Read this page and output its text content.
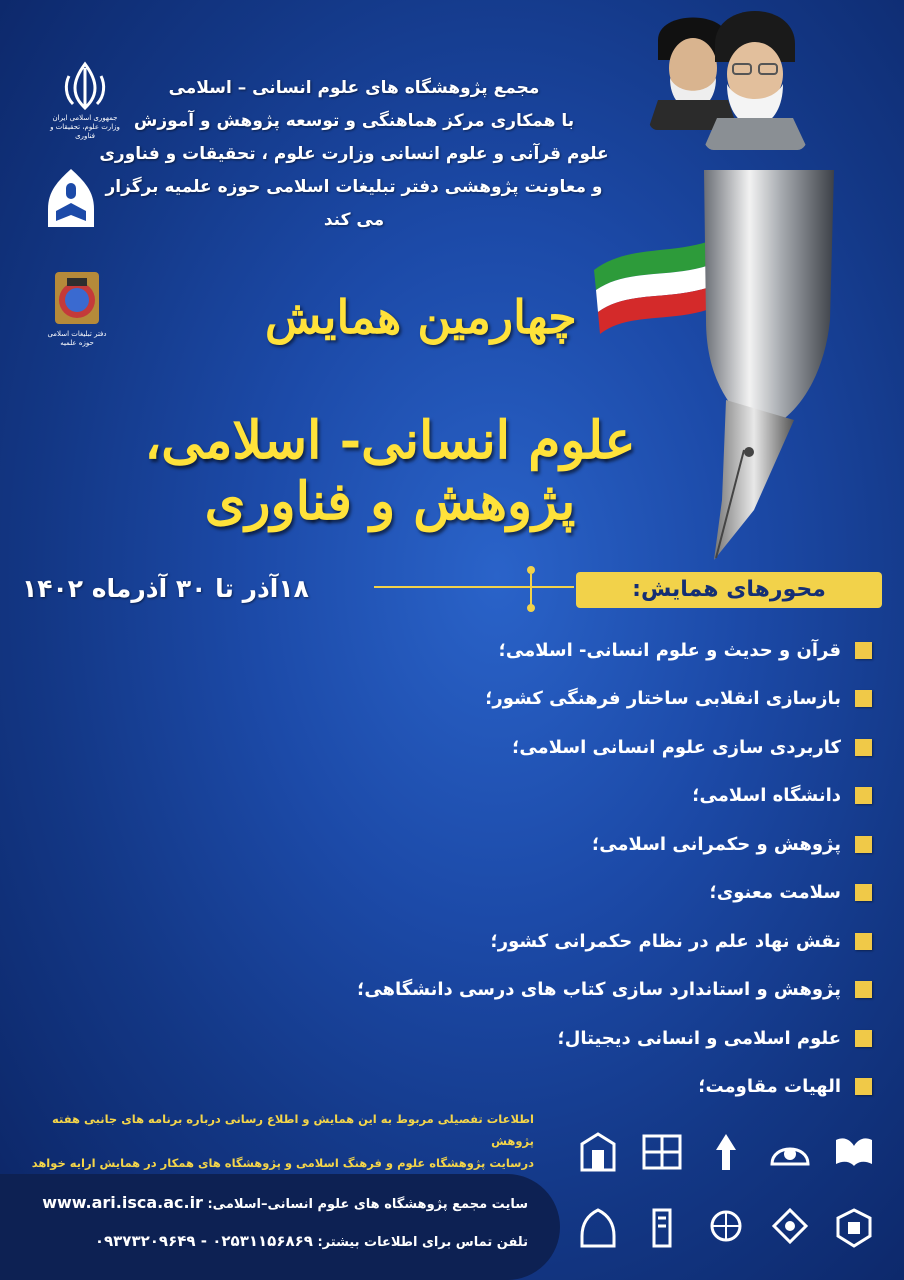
جمهوری اسلامی ایران
وزارت علوم، تحقیقات و فناوری
دفتر تبلیغات اسلامی
حوزه علمیه
مجمع پژوهشگاه های علوم انسانی – اسلامی
با همکاری مرکز هماهنگی و توسعه پژوهش و آموزش
علوم قرآنی و علوم انسانی وزارت علوم ، تحقیقات و فناوری
و معاونت پژوهشی دفتر تبلیغات اسلامی حوزه علمیه برگزار می کند
چهارمین همایش
علوم انسانی- اسلامی، پژوهش و فناوری
۱۸آذر تا ۳۰ آذرماه ۱۴۰۲	محورهای همایش:
قرآن و حدیث و علوم انسانی- اسلامی؛
بازسازی انقلابی ساختار فرهنگی کشور؛
کاربردی سازی علوم انسانی اسلامی؛
دانشگاه اسلامی؛
پژوهش و حکمرانی اسلامی؛
سلامت معنوی؛
نقش نهاد علم در نظام حکمرانی کشور؛
پژوهش و استاندارد سازی کتاب های درسی دانشگاهی؛
علوم اسلامی و انسانی دیجیتال؛
الهیات مقاومت؛
اطلاعات تفصیلی مربوط به این همایش و اطلاع رسانی درباره برنامه های جانبی هفته پژوهش
درسایت پژوهشگاه علوم و فرهنگ اسلامی و پژوهشگاه های همکار در همایش ارایه خواهد
سایت مجمع پژوهشگاه های علوم انسانی–اسلامی: www.ari.isca.ac.ir
تلفن تماس برای اطلاعات بیشتر: ۰۲۵۳۱۱۵۶۸۶۹ - ۰۹۳۷۳۲۰۹۶۴۹
